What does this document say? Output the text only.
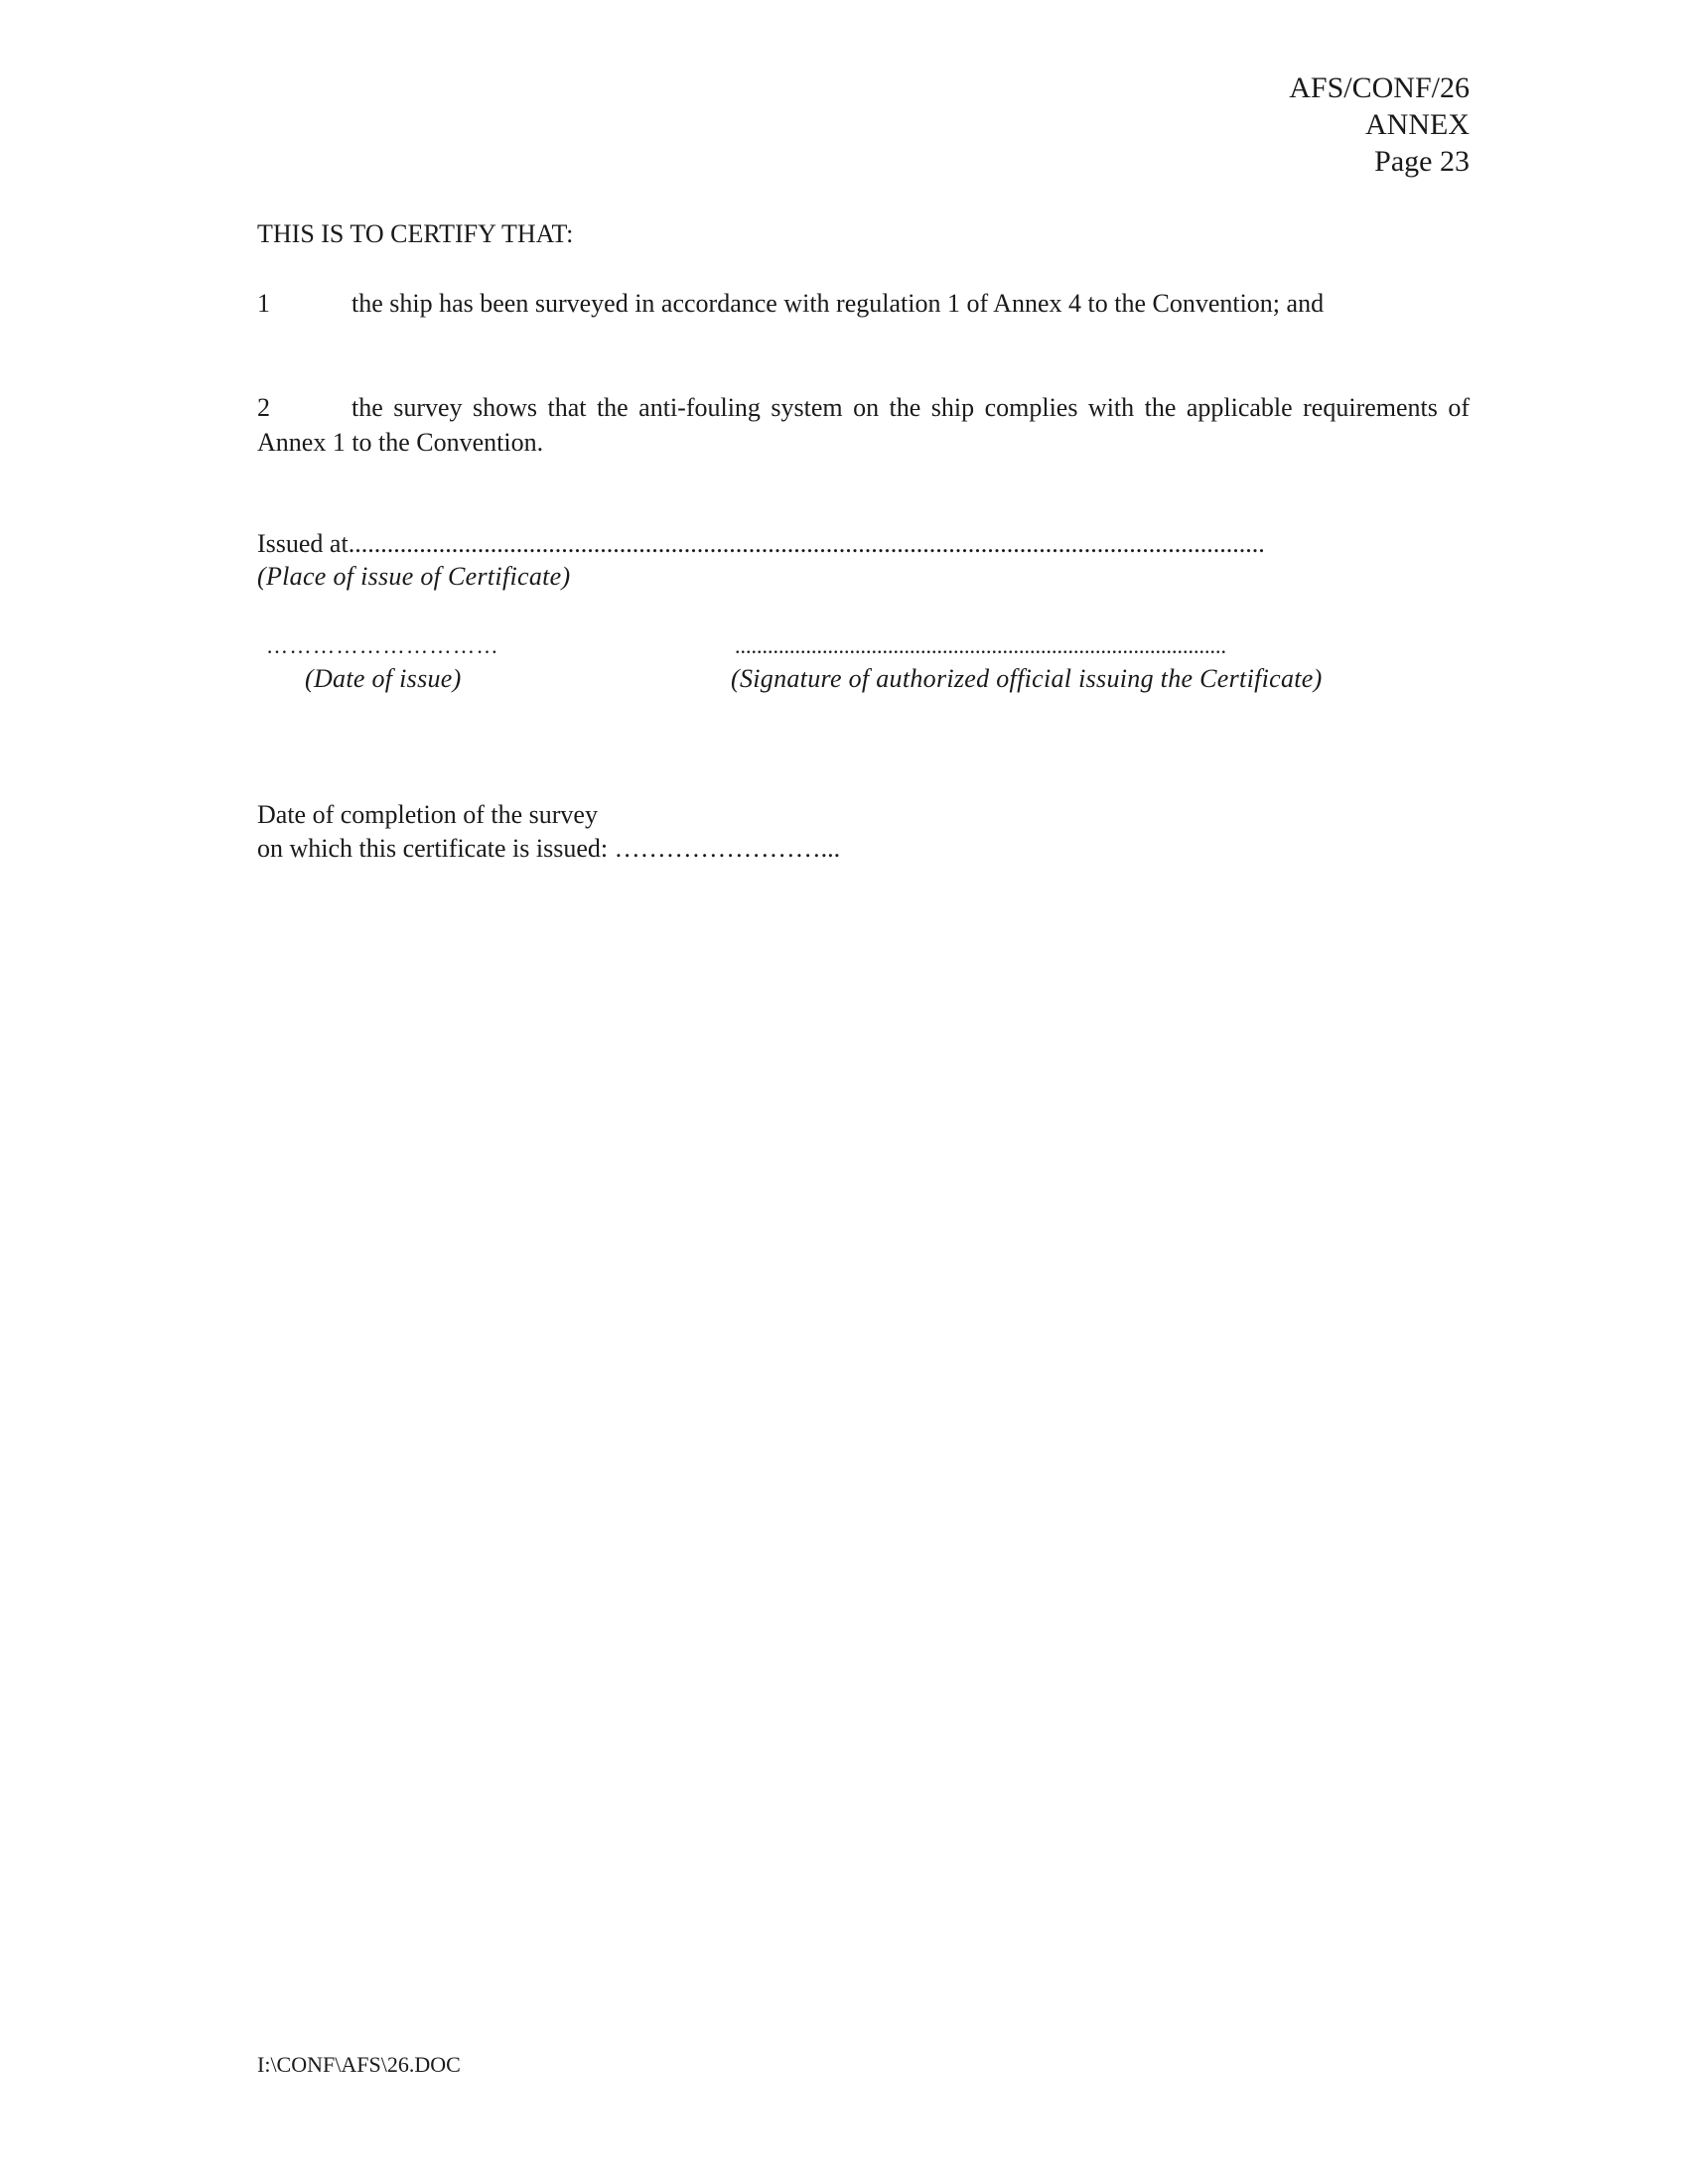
AFS/CONF/26
ANNEX
Page 23
THIS IS TO CERTIFY THAT:
1	the ship has been surveyed in accordance with regulation 1 of Annex 4 to the Convention; and
2	the survey shows that the anti-fouling system on the ship complies with the applicable requirements of Annex 1 to the Convention.
Issued at..............................................................................................................................................
(Place of issue of Certificate)
…………………………	..........................................................................................
(Date of issue)	(Signature of authorized official issuing the Certificate)
Date of completion of the survey
on which this certificate is issued: ……………………...
I:\CONF\AFS\26.DOC
